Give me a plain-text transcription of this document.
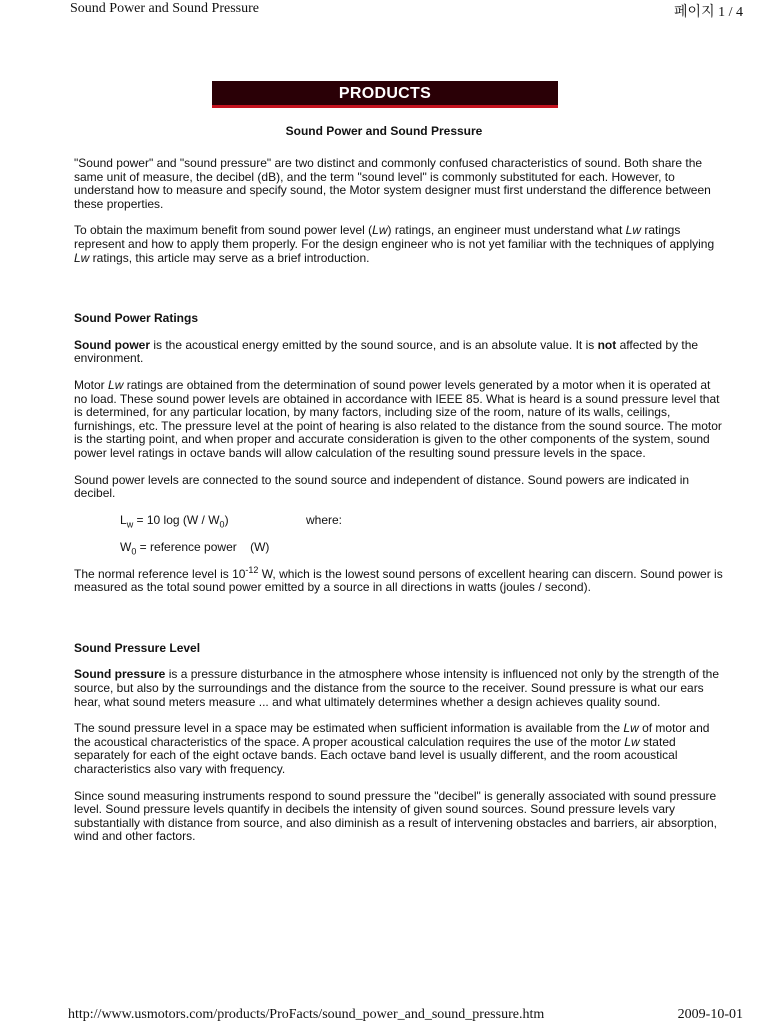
Sound Power and Sound Pressure	페이지 1 / 4
PRODUCTS
Sound Power and Sound Pressure

"Sound power" and "sound pressure" are two distinct and commonly confused characteristics of sound. Both share the same unit of measure, the decibel (dB), and the term "sound level" is commonly substituted for each. However, to understand how to measure and specify sound, the Motor system designer must first understand the difference between these properties.

To obtain the maximum benefit from sound power level (Lw) ratings, an engineer must understand what Lw ratings represent and how to apply them properly. For the design engineer who is not yet familiar with the techniques of applying Lw ratings, this article may serve as a brief introduction.

Sound Power Ratings

Sound power is the acoustical energy emitted by the sound source, and is an absolute value. It is not affected by the environment.

Motor Lw ratings are obtained from the determination of sound power levels generated by a motor when it is operated at no load. These sound power levels are obtained in accordance with IEEE 85. What is heard is a sound pressure level that is determined, for any particular location, by many factors, including size of the room, nature of its walls, ceilings, furnishings, etc. The pressure level at the point of hearing is also related to the distance from the sound source. The motor is the starting point, and when proper and accurate consideration is given to the other components of the system, sound power level ratings in octave bands will allow calculation of the resulting sound pressure levels in the space.

Sound power levels are connected to the sound source and independent of distance. Sound powers are indicated in decibel.

$L_w = 10$ $\log (W / W_0)$	where:
$W_0$ = reference power    (W)

The normal reference level is $10^{-12}$ W, which is the lowest sound persons of excellent hearing can discern. Sound power is measured as the total sound power emitted by a source in all directions in watts (joules / second).

Sound Pressure Level

Sound pressure is a pressure disturbance in the atmosphere whose intensity is influenced not only by the strength of the source, but also by the surroundings and the distance from the source to the receiver. Sound pressure is what our ears hear, what sound meters measure ... and what ultimately determines whether a design achieves quality sound.

The sound pressure level in a space may be estimated when sufficient information is available from the Lw of motor and the acoustical characteristics of the space. A proper acoustical calculation requires the use of the motor Lw stated separately for each of the eight octave bands. Each octave band level is usually different, and the room acoustical characteristics also vary with frequency.

Since sound measuring instruments respond to sound pressure the "decibel" is generally associated with sound pressure level. Sound pressure levels quantify in decibels the intensity of given sound sources. Sound pressure levels vary substantially with distance from source, and also diminish as a result of intervening obstacles and barriers, air absorption, wind and other factors.

http://www.usmotors.com/products/ProFacts/sound_power_and_sound_pressure.htm	2009-10-01
